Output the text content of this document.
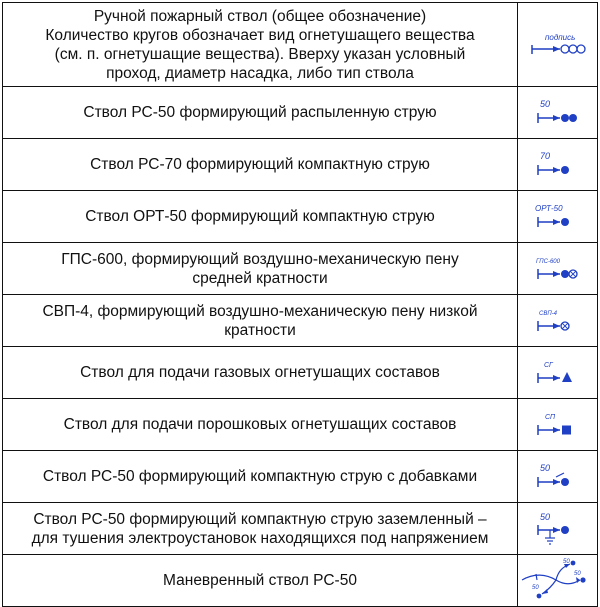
Ручной пожарный ствол (общее обозначение)
Количество кругов обозначает вид огнетушащего вещества
(см. п. огнетушащие вещества). Вверху указан условный
проход, диаметр насадка, либо тип ствола	подпись

Ствол РС-50 формирующий распыленную струю	50

Ствол РС-70 формирующий компактную струю	70

Ствол ОРТ-50 формирующий компактную струю	ОРТ-50

ГПС-600, формирующий воздушно-механическую пену
средней кратности	ГПС-600

СВП-4, формирующий воздушно-механическую пену низкой
кратности	СВП-4

Ствол для подачи газовых огнетушащих составов	СГ

Ствол для подачи порошковых огнетушащих составов	СП

Ствол РС-50 формирующий компактную струю с добавками	50

Ствол РС-50 формирующий компактную струю заземленный –
для тушения электроустановок находящихся под напряжением	50

Маневренный ствол РС-50	50
50
50
